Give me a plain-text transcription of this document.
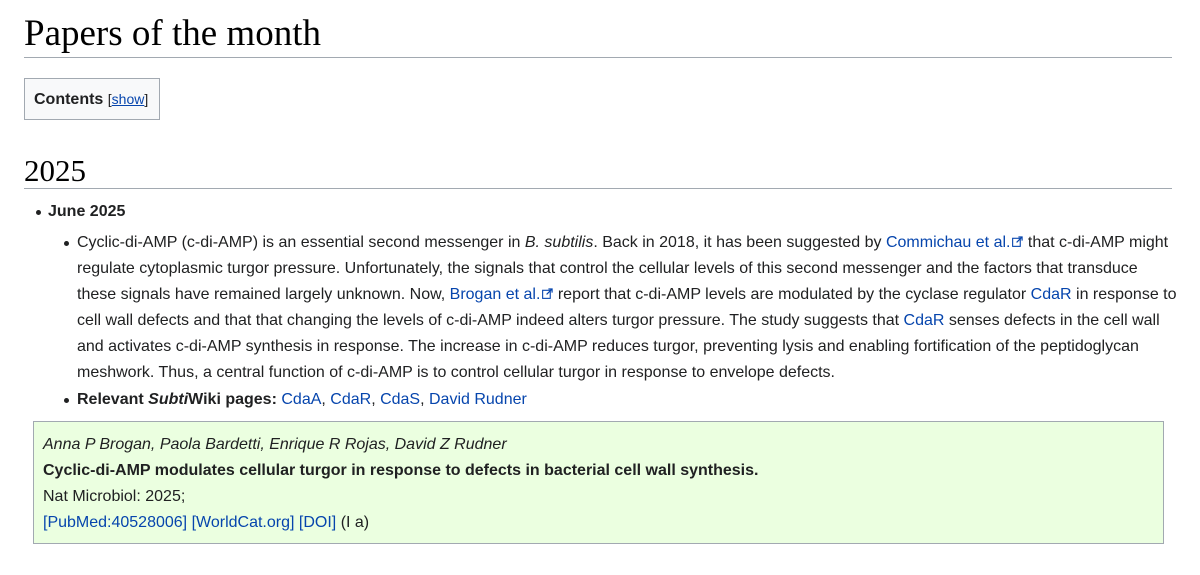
Papers of the month
Contents [show]
2025
June 2025
Cyclic-di-AMP (c-di-AMP) is an essential second messenger in B. subtilis. Back in 2018, it has been suggested by Commichau et al. that c-di-AMP might regulate cytoplasmic turgor pressure. Unfortunately, the signals that control the cellular levels of this second messenger and the factors that transduce these signals have remained largely unknown. Now, Brogan et al. report that c-di-AMP levels are modulated by the cyclase regulator CdaR in response to cell wall defects and that that changing the levels of c-di-AMP indeed alters turgor pressure. The study suggests that CdaR senses defects in the cell wall and activates c-di-AMP synthesis in response. The increase in c-di-AMP reduces turgor, preventing lysis and enabling fortification of the peptidoglycan meshwork. Thus, a central function of c-di-AMP is to control cellular turgor in response to envelope defects.
Relevant SubtiWiki pages: CdaA, CdaR, CdaS, David Rudner
Anna P Brogan, Paola Bardetti, Enrique R Rojas, David Z Rudner
Cyclic-di-AMP modulates cellular turgor in response to defects in bacterial cell wall synthesis.
Nat Microbiol: 2025;
[PubMed:40528006] [WorldCat.org] [DOI] (I a)
